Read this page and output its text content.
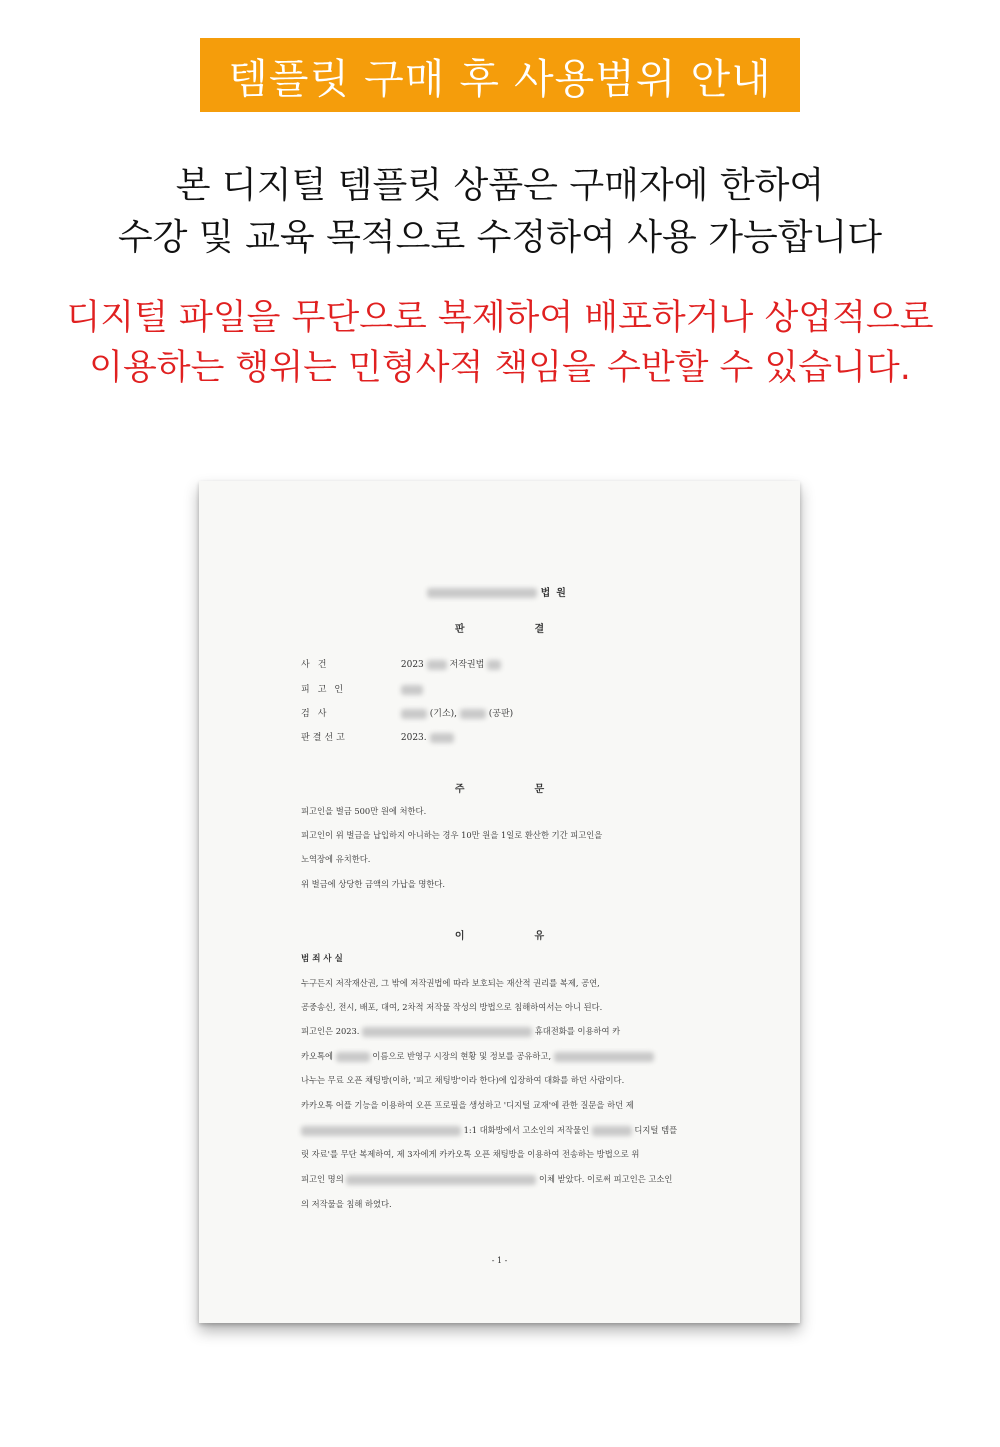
템플릿 구매 후 사용범위 안내
본 디지털 템플릿 상품은 구매자에 한하여
수강 및 교육 목적으로 수정하여 사용 가능합니다
디지털 파일을 무단으로 복제하여 배포하거나 상업적으로
이용하는 행위는 민형사적 책임을 수반할 수 있습니다.
법원
판결
사건	2023	저작권법
피고인
검사	(기소),	(공판)
판결선고	2023.
주문
피고인을 벌금 500만 원에 처한다.
피고인이 위 벌금을 납입하지 아니하는 경우 10만 원을 1일로 환산한 기간 피고인을
노역장에 유치한다.
위 벌금에 상당한 금액의 가납을 명한다.
이유
범죄사실
누구든지 저작재산권, 그 밖에 저작권법에 따라 보호되는 재산적 권리를 복제, 공연,
공중송신, 전시, 배포, 대여, 2차적 저작물 작성의 방법으로 침해하여서는 아니 된다.
피고인은 2023.	휴대전화를 이용하여 카
카오톡에	이름으로 반영구 시장의 현황 및 정보를 공유하고,
나누는 무료 오픈 채팅방(이하, '피고 채팅방'이라 한다)에 입장하여 대화를 하던 사람이다.
카카오톡 어플 기능을 이용하여 오픈 프로필을 생성하고 '디지털 교재'에 관한 질문을 하던 제
1:1 대화방에서 고소인의 저작물인	디지털 템플
릿 자료'를 무단 복제하여, 제 3자에게 카카오톡 오픈 채팅방을 이용하여 전송하는 방법으로 위
피고인 명의	이체 받았다. 이로써 피고인은 고소인
의 저작물을 침해 하였다.
- 1 -
